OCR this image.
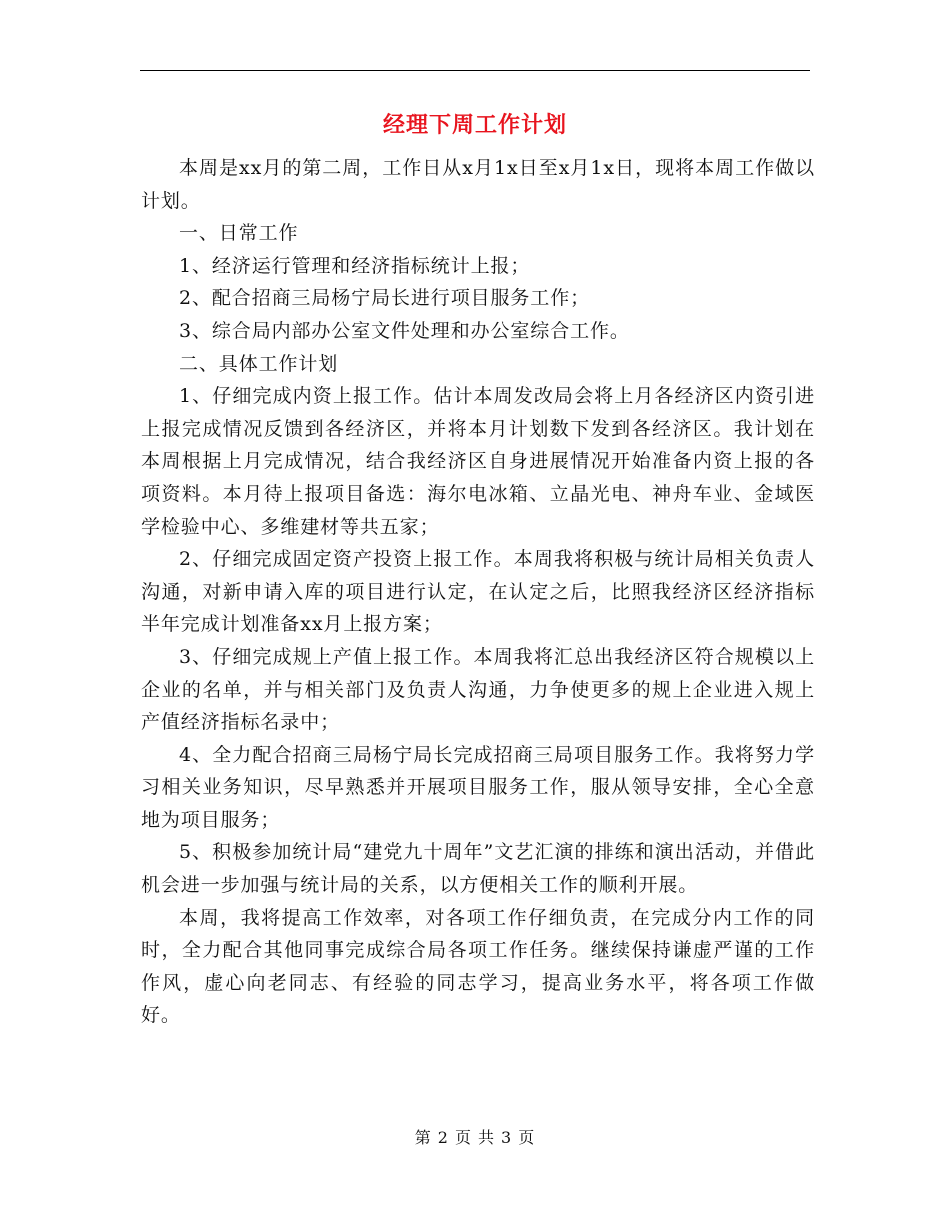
经理下周工作计划

本周是xx月的第二周，工作日从x月1x日至x月1x日，现将本周工作做以计划。

一、日常工作

1、经济运行管理和经济指标统计上报；

2、配合招商三局杨宁局长进行项目服务工作；

3、综合局内部办公室文件处理和办公室综合工作。

二、具体工作计划

1、仔细完成内资上报工作。估计本周发改局会将上月各经济区内资引进上报完成情况反馈到各经济区，并将本月计划数下发到各经济区。我计划在本周根据上月完成情况，结合我经济区自身进展情况开始准备内资上报的各项资料。本月待上报项目备选：海尔电冰箱、立晶光电、神舟车业、金域医学检验中心、多维建材等共五家；

2、仔细完成固定资产投资上报工作。本周我将积极与统计局相关负责人沟通，对新申请入库的项目进行认定，在认定之后，比照我经济区经济指标半年完成计划准备xx月上报方案；

3、仔细完成规上产值上报工作。本周我将汇总出我经济区符合规模以上企业的名单，并与相关部门及负责人沟通，力争使更多的规上企业进入规上产值经济指标名录中；

4、全力配合招商三局杨宁局长完成招商三局项目服务工作。我将努力学习相关业务知识，尽早熟悉并开展项目服务工作，服从领导安排，全心全意地为项目服务；

5、积极参加统计局“建党九十周年”文艺汇演的排练和演出活动，并借此机会进一步加强与统计局的关系，以方便相关工作的顺利开展。

本周，我将提高工作效率，对各项工作仔细负责，在完成分内工作的同时，全力配合其他同事完成综合局各项工作任务。继续保持谦虚严谨的工作作风，虚心向老同志、有经验的同志学习，提高业务水平，将各项工作做好。

第 2 页 共 3 页
